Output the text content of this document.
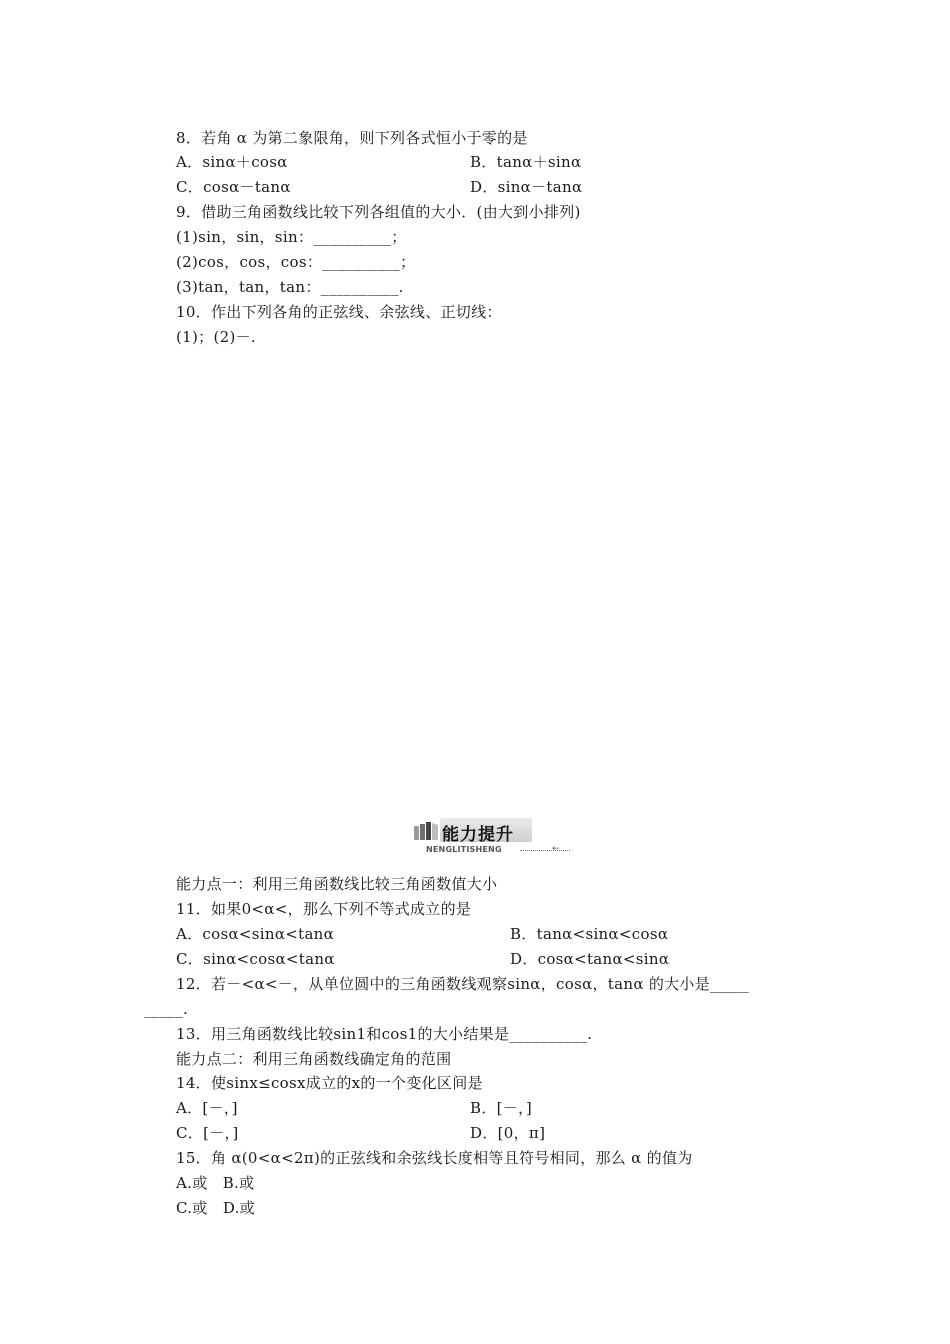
8．若角 α 为第二象限角，则下列各式恒小于零的是
A．sinα＋cosα	B．tanα＋sinα
C．cosα－tanα	D．sinα－tanα
9．借助三角函数线比较下列各组值的大小．(由大到小排列)
(1)sin，sin，sin：__________；
(2)cos，cos，cos：__________；
(3)tan，tan，tan：__________.
10．作出下列各角的正弦线、余弦线、正切线：
(1)；(2)－.
能力提升
NENGLITISHENG	←
能力点一：利用三角函数线比较三角函数值大小
11．如果0<α<，那么下列不等式成立的是
A．cosα<sinα<tanα	B．tanα<sinα<cosα
C．sinα<cosα<tanα	D．cosα<tanα<sinα
12．若－<α<－，从单位圆中的三角函数线观察sinα，cosα，tanα 的大小是_____
_____.
13．用三角函数线比较sin1和cos1的大小结果是__________.
能力点二：利用三角函数线确定角的范围
14．使sinx≤cosx成立的x的一个变化区间是
A．[－，]	B．[－，]
C．[－，]	D．[0，π]
15．角 α(0<α<2π)的正弦线和余弦线长度相等且符号相同，那么 α 的值为
A.或   B.或
C.或   D.或
